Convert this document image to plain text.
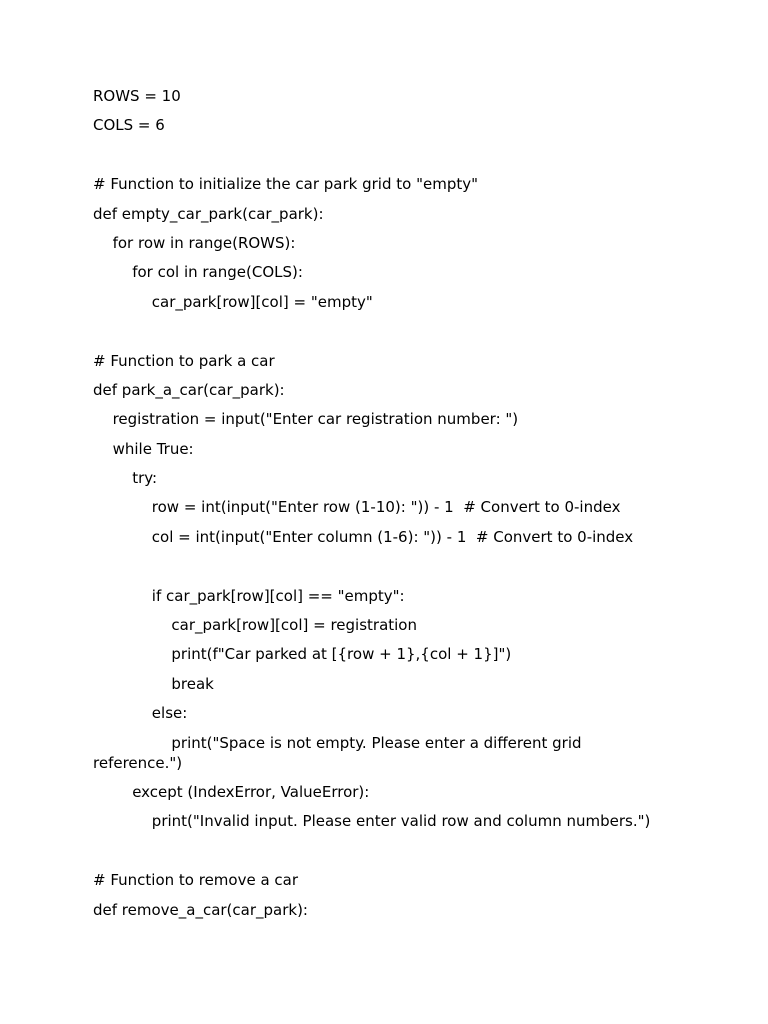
ROWS = 10
COLS = 6
# Function to initialize the car park grid to "empty"
def empty_car_park(car_park):
for row in range(ROWS):
for col in range(COLS):
car_park[row][col] = "empty"
# Function to park a car
def park_a_car(car_park):
registration = input("Enter car registration number: ")
while True:
try:
row = int(input("Enter row (1-10): ")) - 1  # Convert to 0-index
col = int(input("Enter column (1-6): ")) - 1  # Convert to 0-index
if car_park[row][col] == "empty":
car_park[row][col] = registration
print(f"Car parked at [{row + 1},{col + 1}]")
break
else:
print("Space is not empty. Please enter a different grid
reference.")
except (IndexError, ValueError):
print("Invalid input. Please enter valid row and column numbers.")
# Function to remove a car
def remove_a_car(car_park):
